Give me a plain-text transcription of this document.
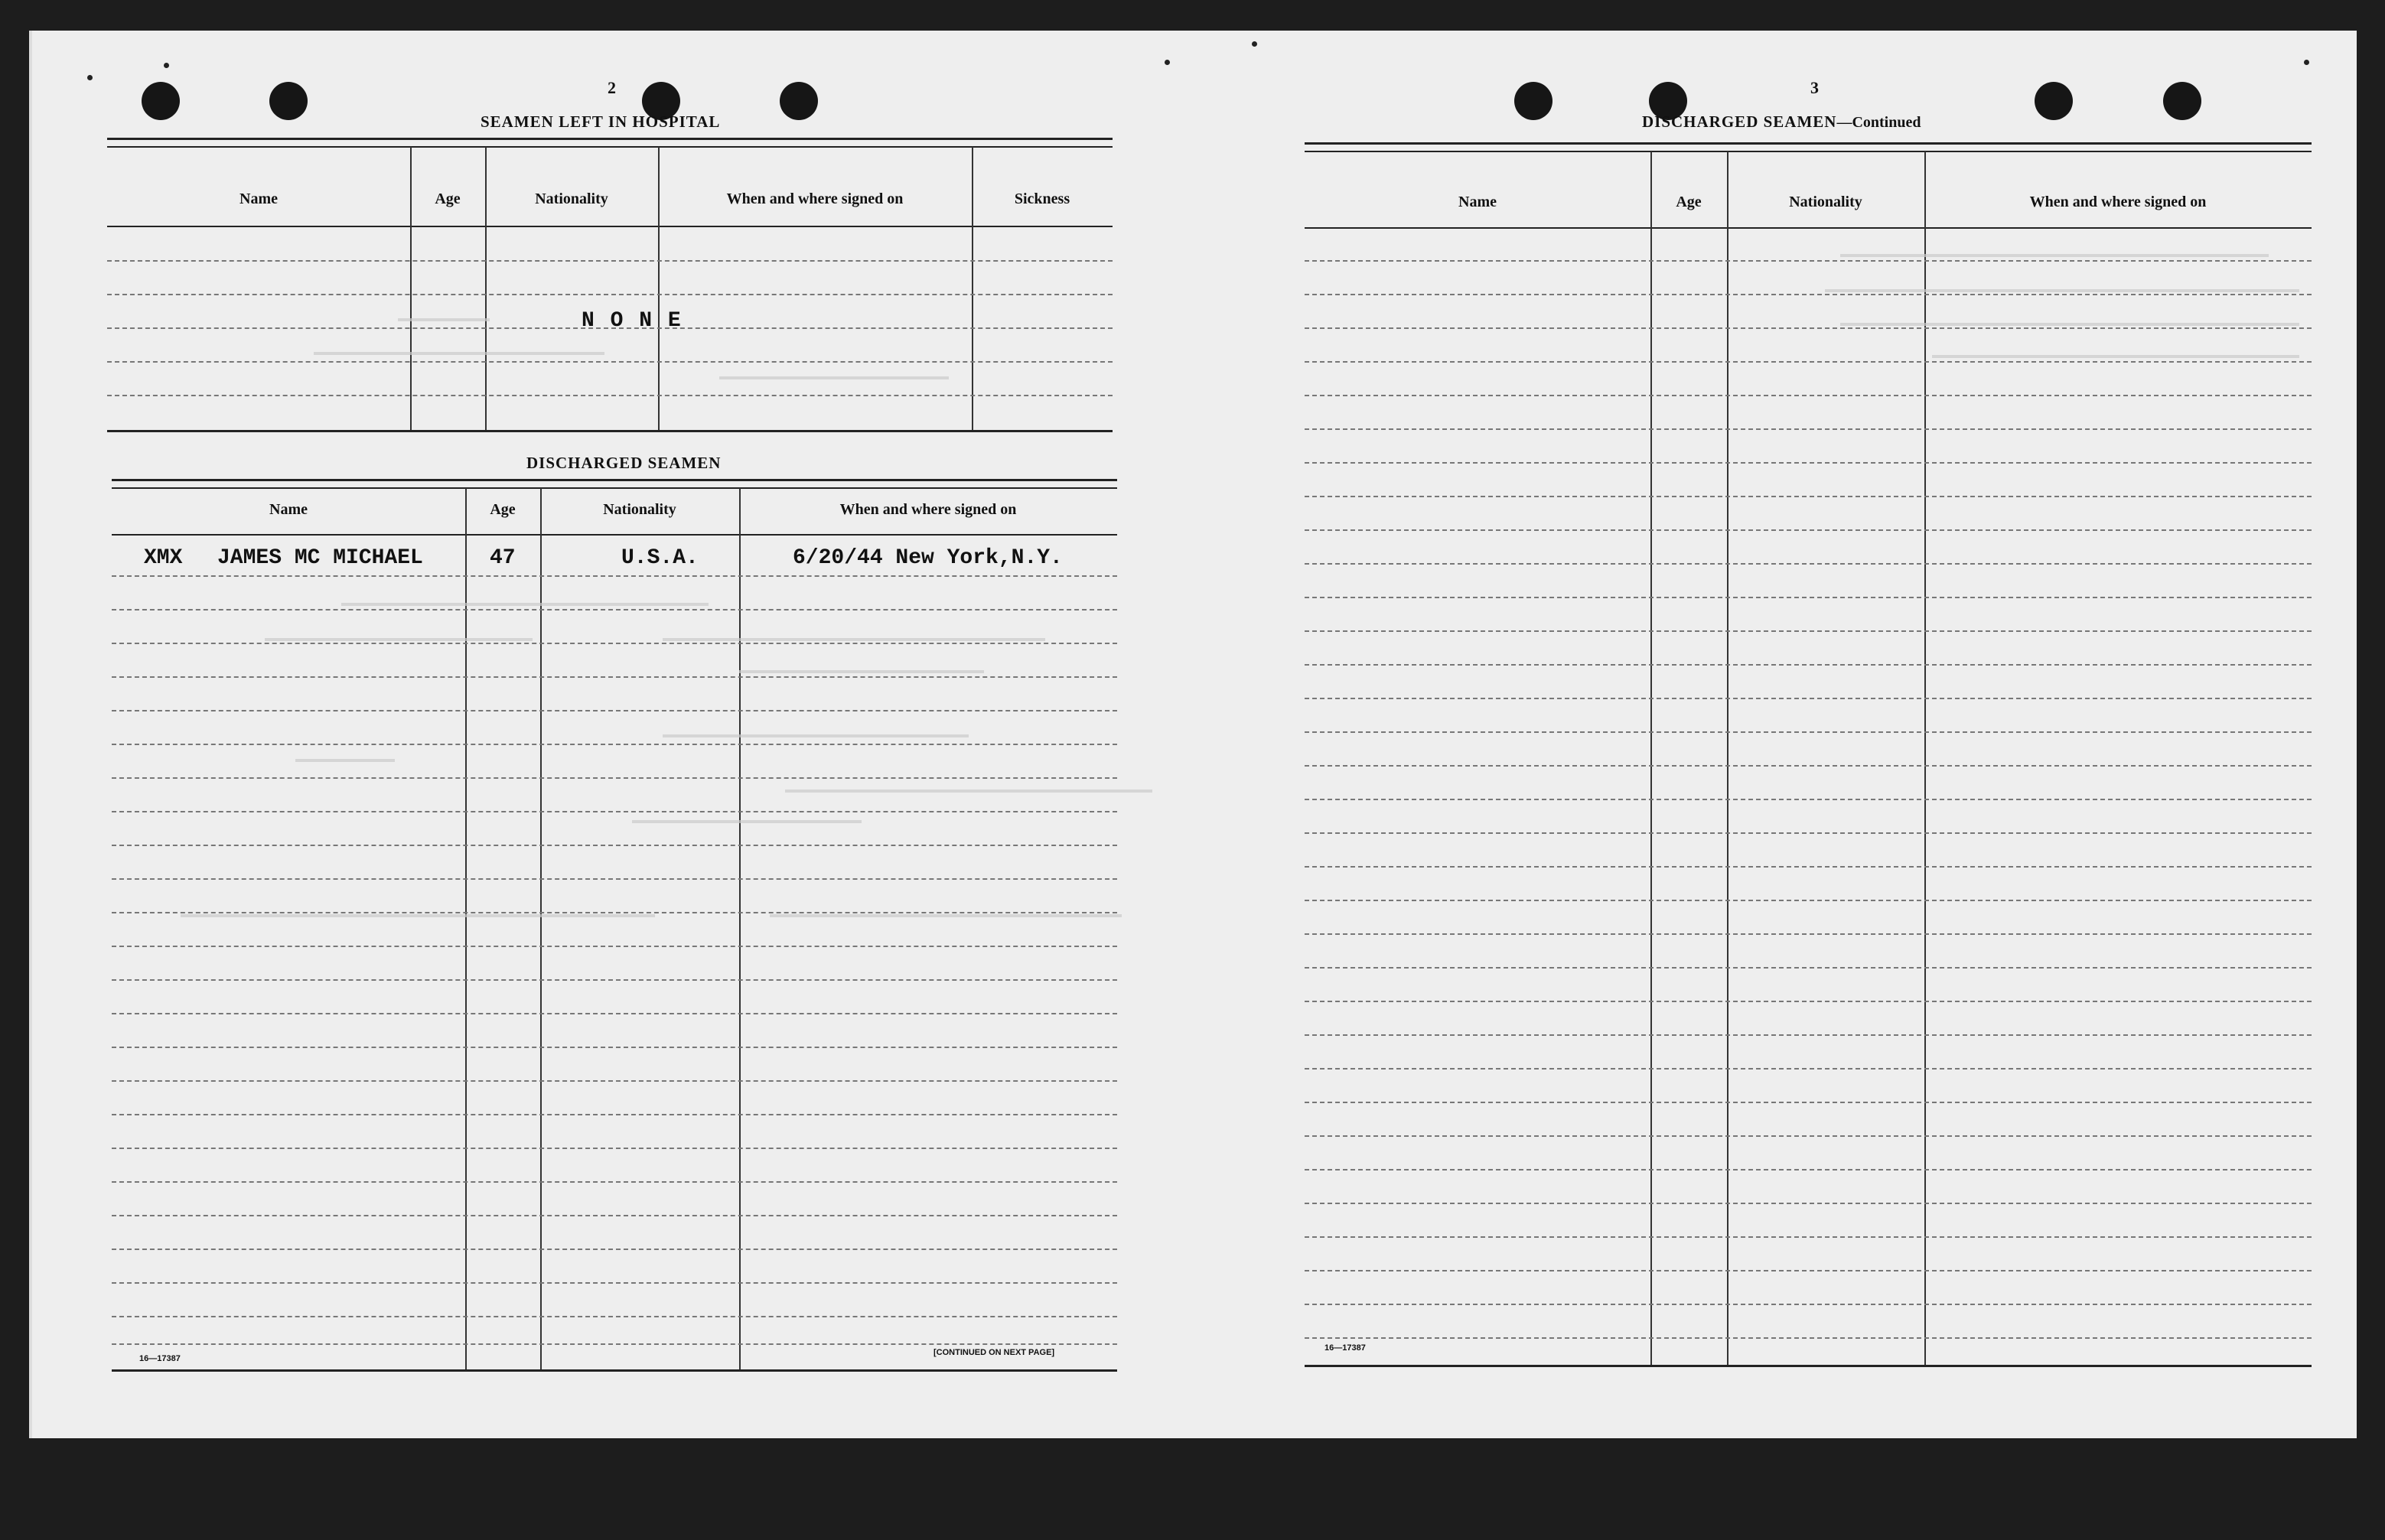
2
SEAMEN LEFT IN HOSPITAL
Name	Age	Nationality	When and where signed on	Sickness
N O N E
DISCHARGED SEAMEN
Name	Age	Nationality	When and where signed on
XMX JAMES MC MICHAEL	47	U.S.A.	6/20/44 New York,N.Y.
16—17387
[CONTINUED ON NEXT PAGE]
3
DISCHARGED SEAMEN—Continued
Name	Age	Nationality	When and where signed on
16—17387
